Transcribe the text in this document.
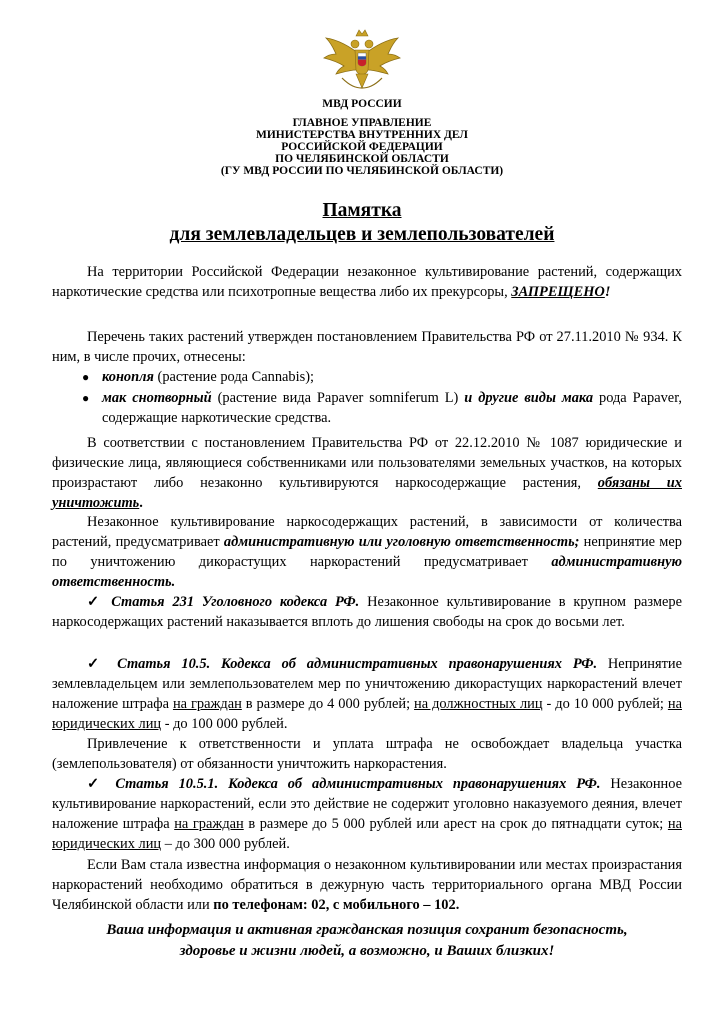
МВД РОССИИ
ГЛАВНОЕ УПРАВЛЕНИЕ
МИНИСТЕРСТВА ВНУТРЕННИХ ДЕЛ
РОССИЙСКОЙ ФЕДЕРАЦИИ
ПО ЧЕЛЯБИНСКОЙ ОБЛАСТИ
(ГУ МВД РОССИИ ПО ЧЕЛЯБИНСКОЙ ОБЛАСТИ)
Памятка
для землевладельцев и землепользователей
На территории Российской Федерации незаконное культивирование растений, содержащих наркотические средства или психотропные вещества либо их прекурсоры, ЗАПРЕЩЕНО!
Перечень таких растений утвержден постановлением Правительства РФ от 27.11.2010 № 934. К ним, в числе прочих, отнесены:
● конопля (растение рода Cannabis);
● мак снотворный (растение вида Papaver somniferum L) и другие виды мака рода Papaver, содержащие наркотические средства.
В соответствии с постановлением Правительства РФ от 22.12.2010 № 1087 юридические и физические лица, являющиеся собственниками или пользователями земельных участков, на которых произрастают либо незаконно культивируются наркосодержащие растения, обязаны их уничтожить.
Незаконное культивирование наркосодержащих растений, в зависимости от количества растений, предусматривает административную или уголовную ответственность; непринятие мер по уничтожению дикорастущих наркорастений предусматривает административную ответственность.
✓ Статья 231 Уголовного кодекса РФ. Незаконное культивирование в крупном размере наркосодержащих растений наказывается вплоть до лишения свободы на срок до восьми лет.
✓ Статья 10.5. Кодекса об административных правонарушениях РФ. Непринятие землевладельцем или землепользователем мер по уничтожению дикорастущих наркорастений влечет наложение штрафа на граждан в размере до 4 000 рублей; на должностных лиц - до 10 000 рублей; на юридических лиц - до 100 000 рублей.
Привлечение к ответственности и уплата штрафа не освобождает владельца участка (землепользователя) от обязанности уничтожить наркорастения.
✓ Статья 10.5.1. Кодекса об административных правонарушениях РФ. Незаконное культивирование наркорастений, если это действие не содержит уголовно наказуемого деяния, влечет наложение штрафа на граждан в размере до 5 000 рублей или арест на срок до пятнадцати суток; на юридических лиц – до 300 000 рублей.
Если Вам стала известна информация о незаконном культивировании или местах произрастания наркорастений необходимо обратиться в дежурную часть территориального органа МВД России Челябинской области или по телефонам: 02, с мобильного – 102.
Ваша информация и активная гражданская позиция сохранит безопасность,
здоровье и жизни людей, а возможно, и Ваших близких!
